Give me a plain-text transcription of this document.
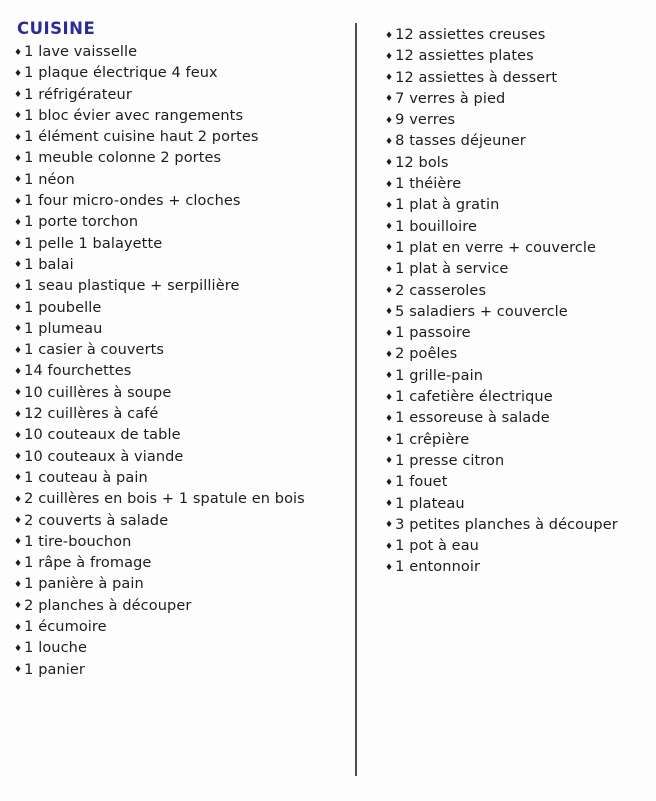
CUISINE
♦ 1 lave vaisselle
♦ 1 plaque électrique 4 feux
♦ 1 réfrigérateur
♦ 1 bloc évier avec rangements
♦ 1 élément cuisine haut 2 portes
♦ 1 meuble colonne 2 portes
♦ 1 néon
♦ 1 four micro-ondes + cloches
♦ 1 porte torchon
♦ 1 pelle 1 balayette
♦ 1 balai
♦ 1 seau plastique + serpillière
♦ 1 poubelle
♦ 1 plumeau
♦ 1 casier à couverts
♦ 14 fourchettes
♦ 10 cuillères à soupe
♦ 12 cuillères à café
♦ 10 couteaux de table
♦ 10 couteaux à viande
♦ 1 couteau à pain
♦ 2 cuillères en bois + 1 spatule en bois
♦ 2 couverts à salade
♦ 1 tire-bouchon
♦ 1 râpe à fromage
♦ 1 panière à pain
♦ 2 planches à découper
♦ 1 écumoire
♦ 1 louche
♦ 1 panier
♦ 12 assiettes creuses
♦ 12 assiettes plates
♦ 12 assiettes à dessert
♦ 7 verres à pied
♦ 9 verres
♦ 8 tasses déjeuner
♦ 12 bols
♦ 1 théière
♦ 1 plat à gratin
♦ 1 bouilloire
♦ 1 plat en verre + couvercle
♦ 1 plat à service
♦ 2 casseroles
♦ 5 saladiers + couvercle
♦ 1 passoire
♦ 2 poêles
♦ 1 grille-pain
♦ 1 cafetière électrique
♦ 1 essoreuse à salade
♦ 1 crêpière
♦ 1 presse citron
♦ 1 fouet
♦ 1 plateau
♦ 3 petites planches à découper
♦ 1 pot à eau
♦ 1 entonnoir
